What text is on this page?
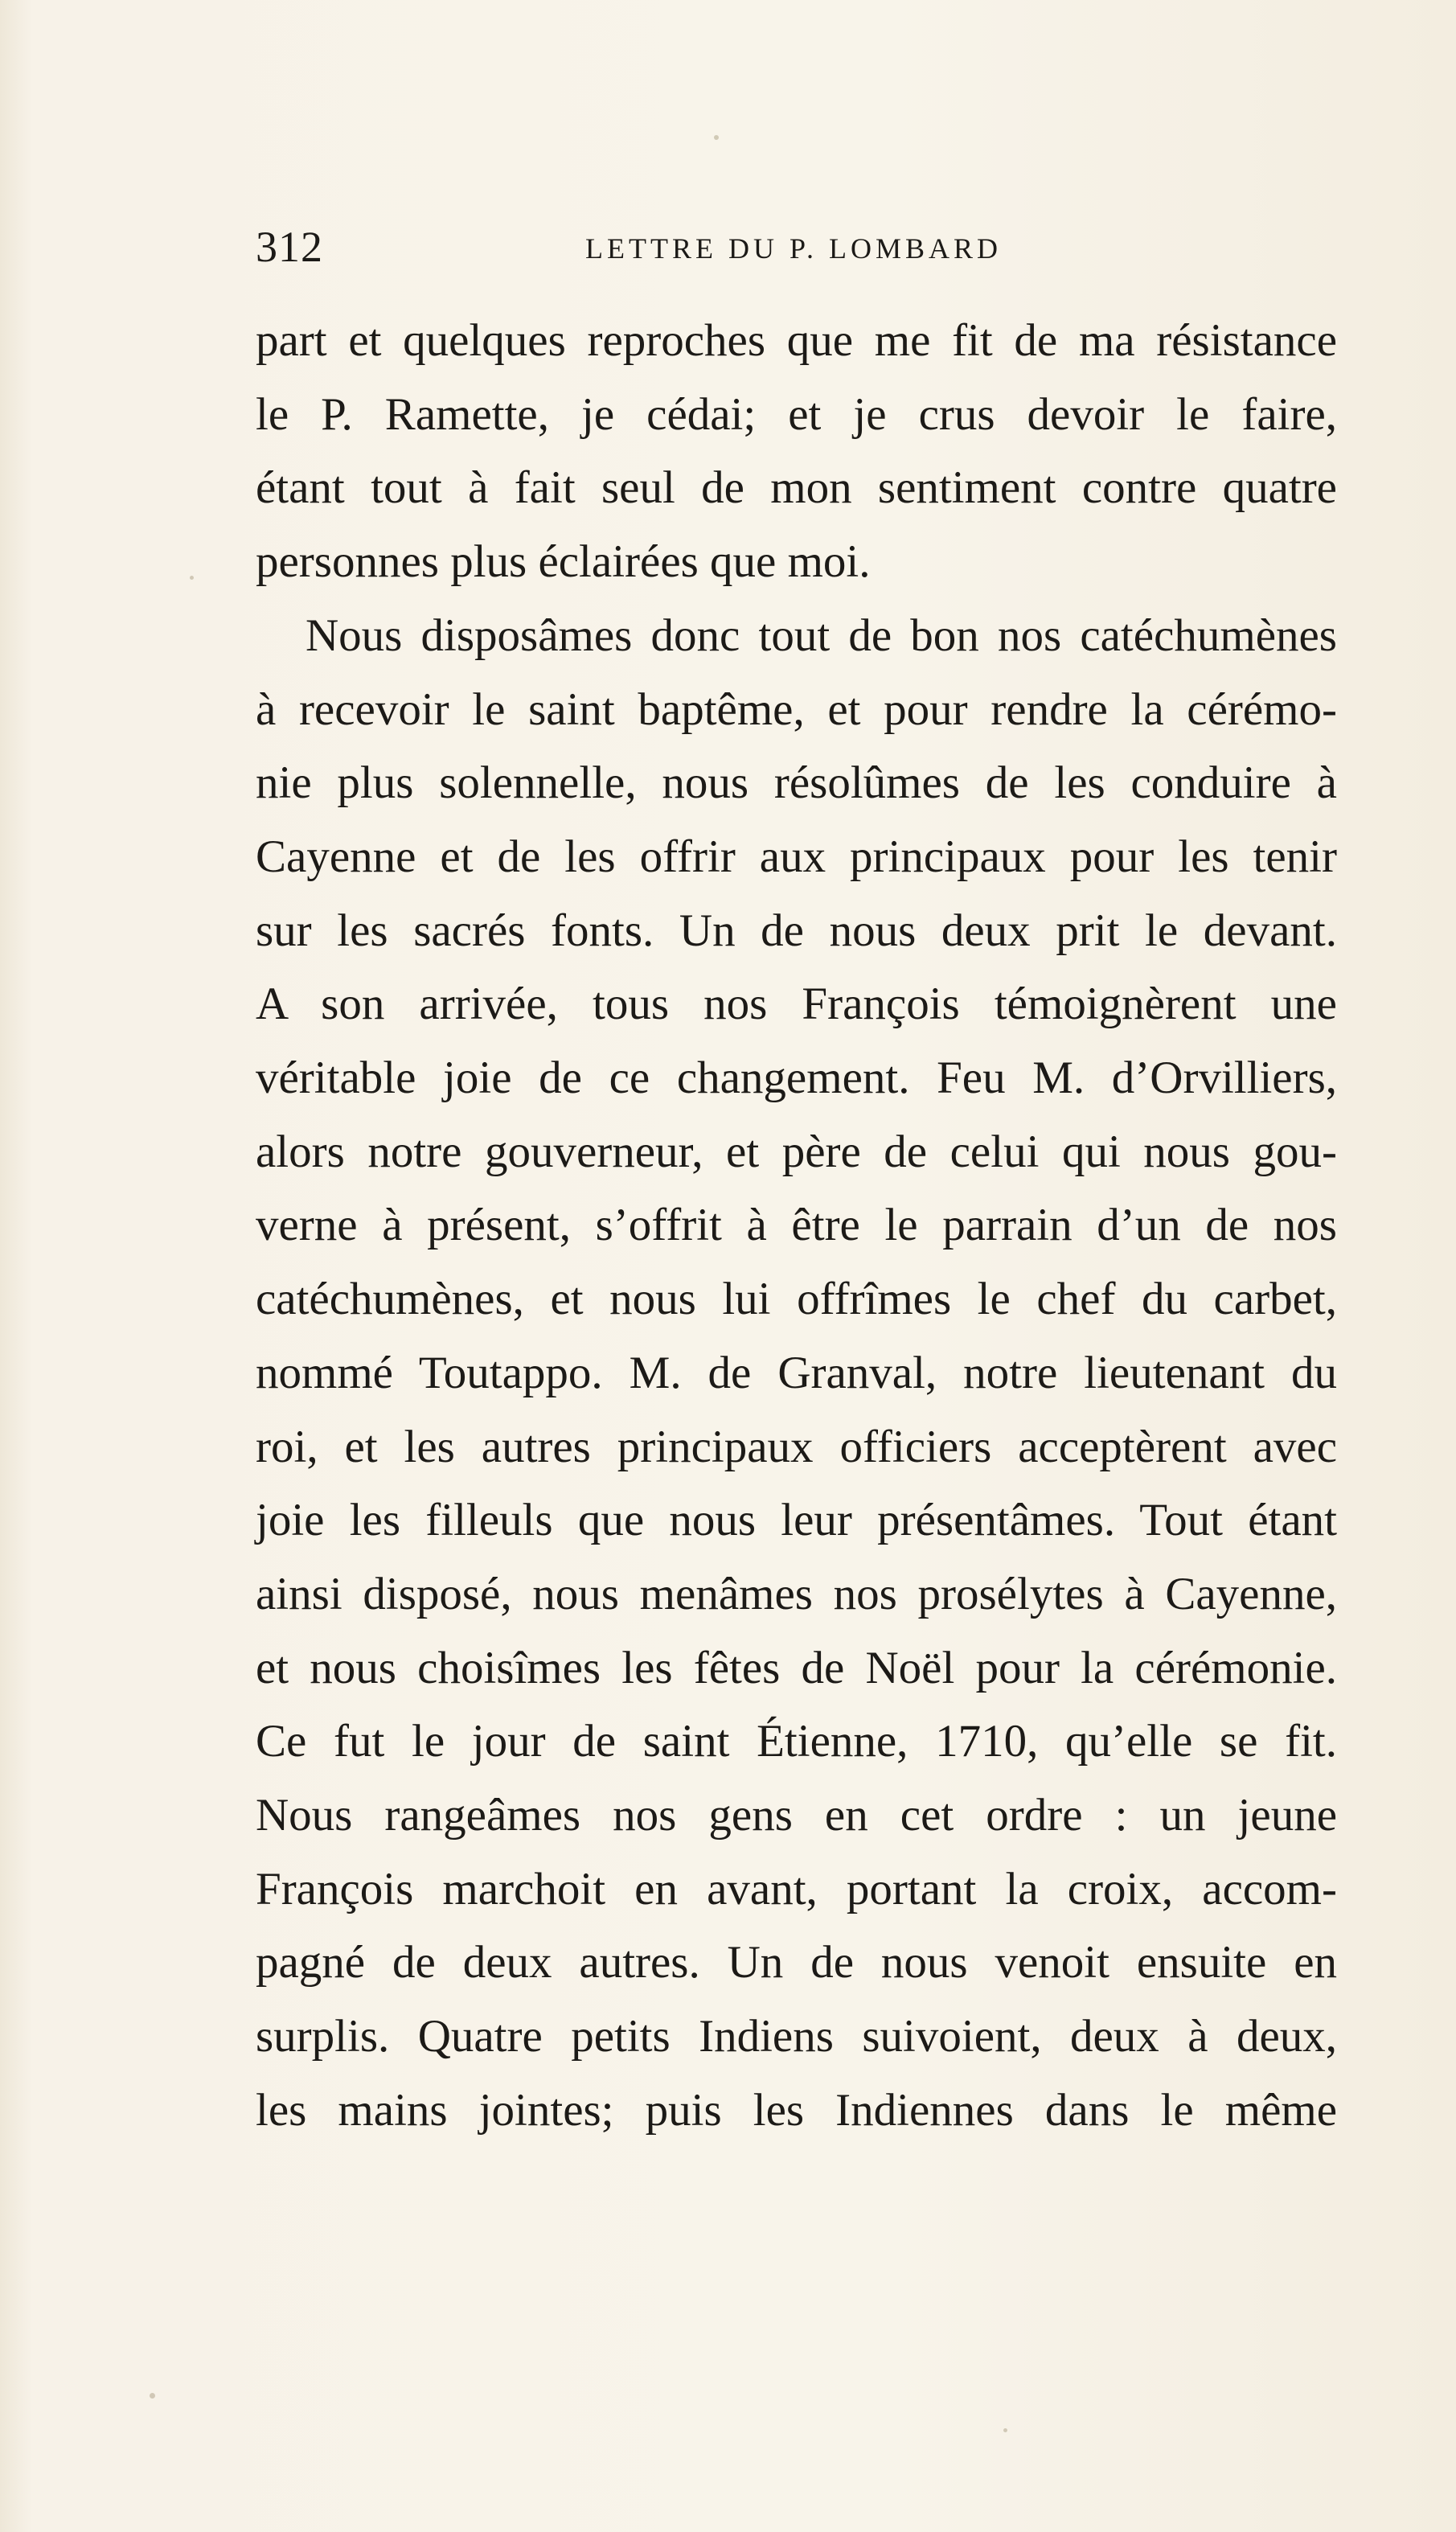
312	LETTRE DU P. LOMBARD
part et quelques reproches que me fit de ma résistance
le P. Ramette, je cédai; et je crus devoir le faire,
étant tout à fait seul de mon sentiment contre quatre
personnes plus éclairées que moi.
Nous disposâmes donc tout de bon nos catéchumènes
à recevoir le saint baptême, et pour rendre la cérémo-
nie plus solennelle, nous résolûmes de les conduire à
Cayenne et de les offrir aux principaux pour les tenir
sur les sacrés fonts. Un de nous deux prit le devant.
A son arrivée, tous nos François témoignèrent une
véritable joie de ce changement. Feu M. d’Orvilliers,
alors notre gouverneur, et père de celui qui nous gou-
verne à présent, s’offrit à être le parrain d’un de nos
catéchumènes, et nous lui offrîmes le chef du carbet,
nommé Toutappo. M. de Granval, notre lieutenant du
roi, et les autres principaux officiers acceptèrent avec
joie les filleuls que nous leur présentâmes. Tout étant
ainsi disposé, nous menâmes nos prosélytes à Cayenne,
et nous choisîmes les fêtes de Noël pour la cérémonie.
Ce fut le jour de saint Étienne, 1710, qu’elle se fit.
Nous rangeâmes nos gens en cet ordre : un jeune
François marchoit en avant, portant la croix, accom-
pagné de deux autres. Un de nous venoit ensuite en
surplis. Quatre petits Indiens suivoient, deux à deux,
les mains jointes; puis les Indiennes dans le même
